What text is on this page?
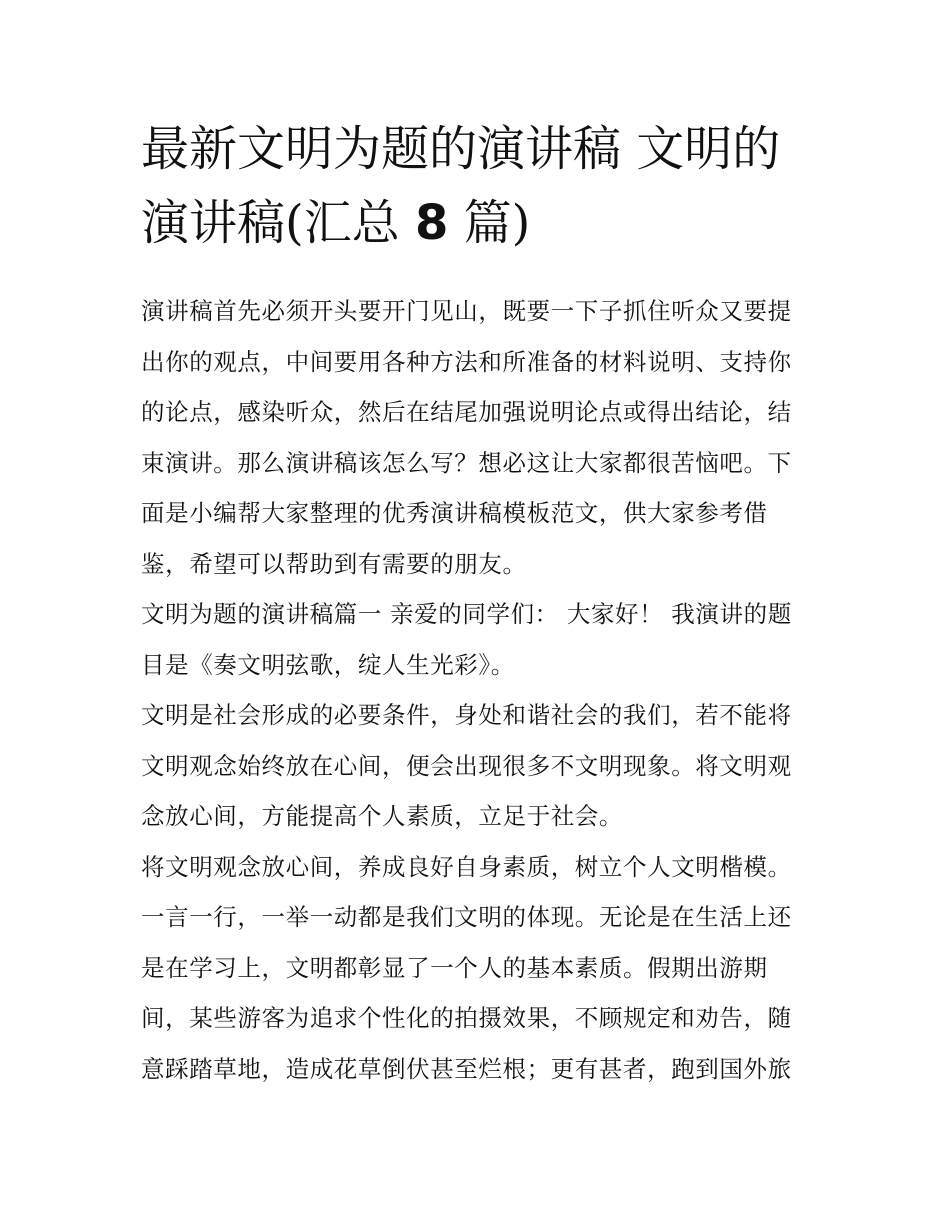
最新文明为题的演讲稿 文明的
演讲稿(汇总 8 篇)

演讲稿首先必须开头要开门见山，既要一下子抓住听众又要提
出你的观点，中间要用各种方法和所准备的材料说明、支持你
的论点，感染听众，然后在结尾加强说明论点或得出结论，结
束演讲。那么演讲稿该怎么写？想必这让大家都很苦恼吧。下
面是小编帮大家整理的优秀演讲稿模板范文，供大家参考借
鉴，希望可以帮助到有需要的朋友。

文明为题的演讲稿篇一 亲爱的同学们： 大家好！ 我演讲的题
目是《奏文明弦歌，绽人生光彩》。

文明是社会形成的必要条件，身处和谐社会的我们，若不能将
文明观念始终放在心间，便会出现很多不文明现象。将文明观
念放心间，方能提高个人素质，立足于社会。

将文明观念放心间，养成良好自身素质，树立个人文明楷模。
一言一行，一举一动都是我们文明的体现。无论是在生活上还
是在学习上，文明都彰显了一个人的基本素质。假期出游期
间，某些游客为追求个性化的拍摄效果，不顾规定和劝告，随
意踩踏草地，造成花草倒伏甚至烂根；更有甚者，跑到国外旅
